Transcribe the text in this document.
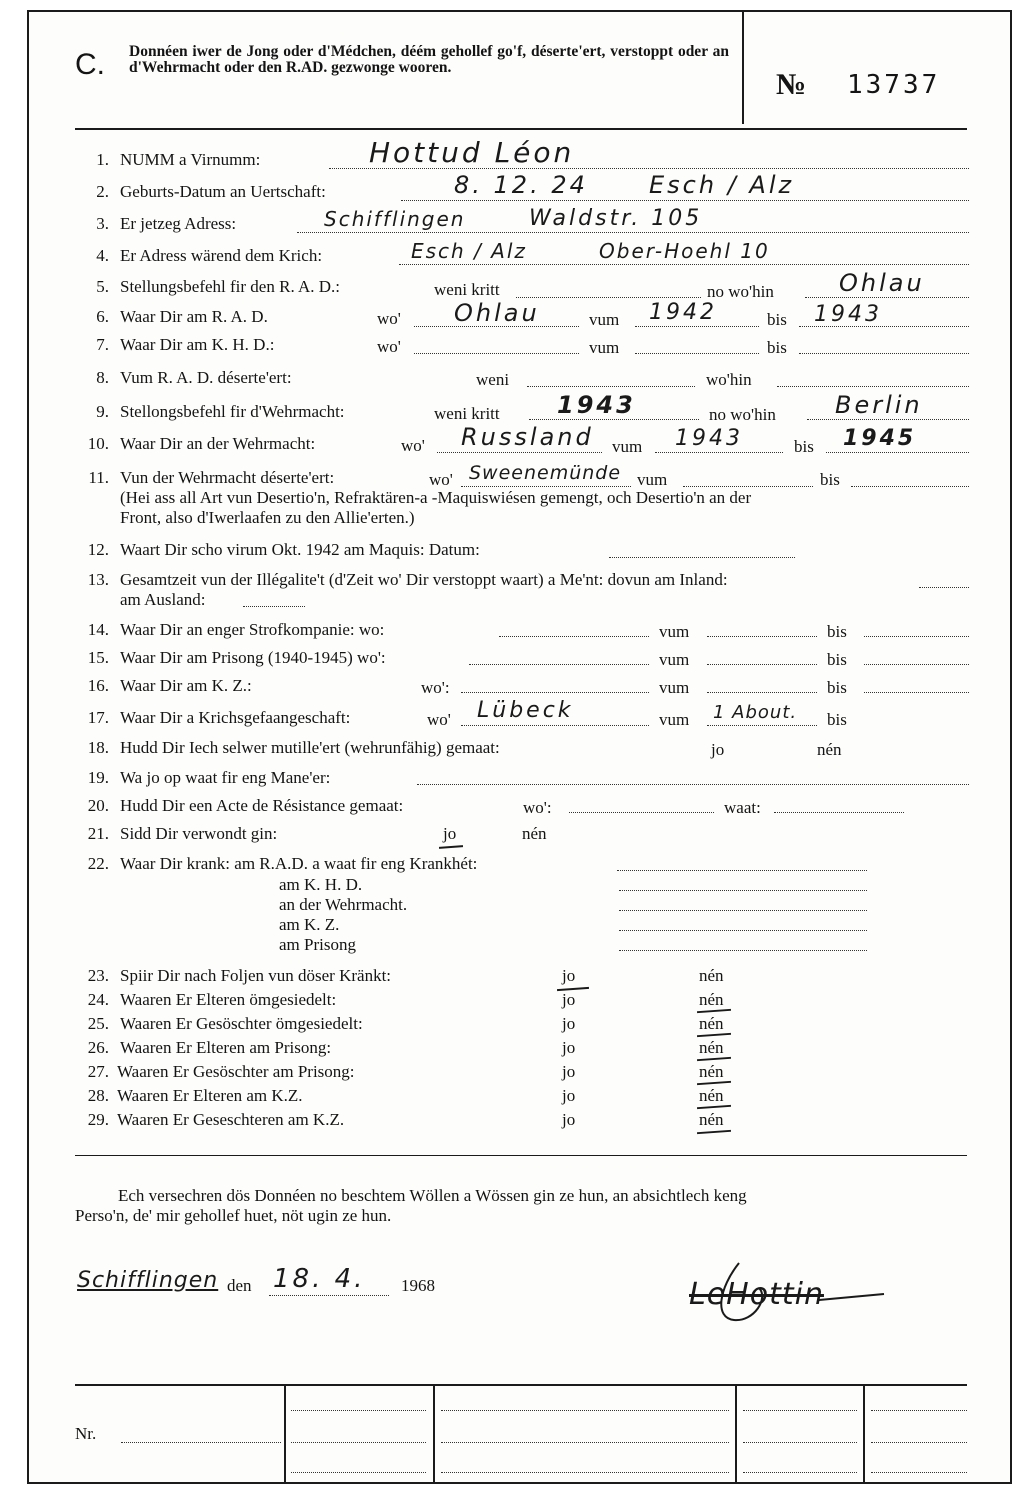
C. Donnéen iwer de Jong oder d'Médchen, déém gehollef go'f, déserte'ert, verstoppt oder an d'Wehrmacht oder den R.AD. gezwonge wooren.
№ 13737
1. NUMM a Virnumm:	Hottud Léon
2. Geburts-Datum an Uertschaft:	8. 12. 24	Esch / Alz
3. Er jetzeg Adress:	Schifflingen	Waldstr. 105
4. Er Adress wärend dem Krich:	Esch / Alz	Ober-Hoehl 10
5. Stellungsbefehl fir den R. A. D.:	weni kritt	no wo'hin	Ohlau
6. Waar Dir am R. A. D.	wo' Ohlau	vum 1942	bis 1943
7. Waar Dir am K. H. D.:	wo'	vum	bis
8. Vum R. A. D. déserte'ert:	weni	wo'hin
9. Stellongsbefehl fir d'Wehrmacht:	weni kritt 1943	no wo'hin Berlin
10. Waar Dir an der Wehrmacht:	wo' Russland vum 1943	bis 1945
11. Vun der Wehrmacht déserte'ert:	wo' Sweenemünde vum	bis
(Hei ass all Art vun Desertio'n, Refraktären-a -Maquiswiésen gemengt, och Desertio'n an der
Front, also d'Iwerlaafen zu den Allie'erten.)
12. Waart Dir scho virum Okt. 1942 am Maquis: Datum:
13. Gesamtzeit vun der Illégalite't (d'Zeit wo' Dir verstoppt waart) a Me'nt: dovun am Inland:
am Ausland:
14. Waar Dir an enger Strofkompanie: wo:	vum	bis
15. Waar Dir am Prisong (1940-1945) wo':	vum	bis
16. Waar Dir am K. Z.:	wo':	vum	bis
17. Waar Dir a Krichsgefaangeschaft:	wo' Lübeck	vum 1 About. bis
18. Hudd Dir Iech selwer mutille'ert (wehrunfähig) gemaat:	jo	nén
19. Wa jo op waat fir eng Mane'er:
20. Hudd Dir een Acte de Résistance gemaat:	wo':	waat:
21. Sidd Dir verwondt gin:	jo	nén
22. Waar Dir krank: am R.A.D. a waat fir eng Krankhét:
am K. H. D.
an der Wehrmacht.
am K. Z.
am Prisong
23. Spiir Dir nach Foljen vun döser Kränkt:	jo	nén
24. Waaren Er Elteren ömgesiedelt:	jo	nén
25. Waaren Er Gesöschter ömgesiedelt:	jo	nén
26. Waaren Er Elteren am Prisong:	jo	nén
27. Waaren Er Gesöschter am Prisong:	jo	nén
28. Waaren Er Elteren am K.Z.	jo	nén
29. Waaren Er Geseschteren am K.Z.	jo	nén
Ech versechren dös Donnéen no beschtem Wöllen a Wössen gin ze hun, an absichtlech keng
Perso'n, de' mir gehollef huet, nöt ugin ze hun.
Schifflingen den 18. 4. 1968	LeHottin
Nr.
